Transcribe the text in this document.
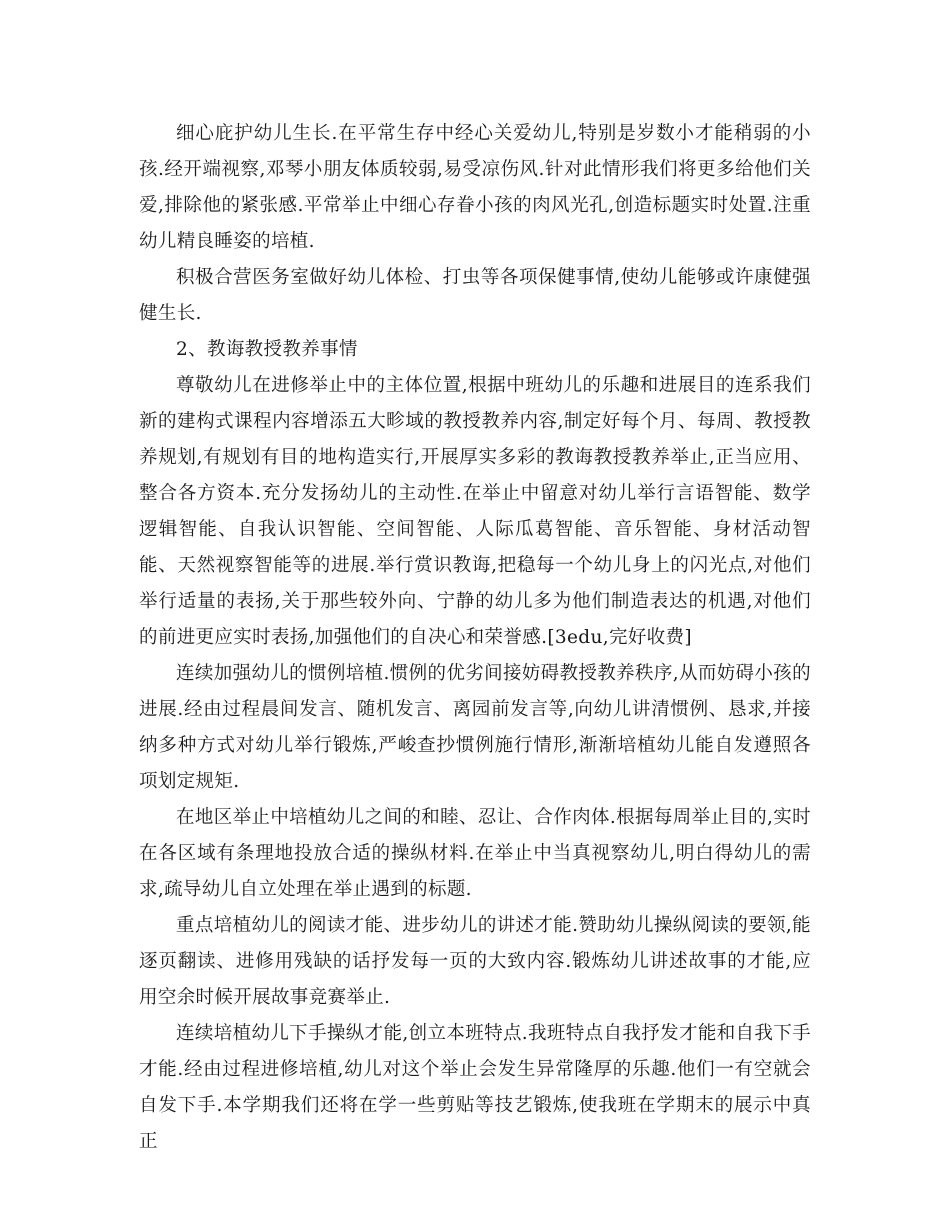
细心庇护幼儿生长.在平常生存中经心关爱幼儿,特别是岁数小才能稍弱的小孩.经开端视察,邓琴小朋友体质较弱,易受凉伤风.针对此情形我们将更多给他们关爱,排除他的紧张感.平常举止中细心存眷小孩的肉风光孔,创造标题实时处置.注重幼儿精良睡姿的培植.

积极合营医务室做好幼儿体检、打虫等各项保健事情,使幼儿能够或许康健强健生长.

2、教诲教授教养事情

尊敬幼儿在进修举止中的主体位置,根据中班幼儿的乐趣和进展目的连系我们新的建构式课程内容增添五大畛域的教授教养内容,制定好每个月、每周、教授教养规划,有规划有目的地构造实行,开展厚实多彩的教诲教授教养举止,正当应用、整合各方资本.充分发扬幼儿的主动性.在举止中留意对幼儿举行言语智能、数学逻辑智能、自我认识智能、空间智能、人际瓜葛智能、音乐智能、身材活动智能、天然视察智能等的进展.举行赏识教诲,把稳每一个幼儿身上的闪光点,对他们举行适量的表扬,关于那些较外向、宁静的幼儿多为他们制造表达的机遇,对他们的前进更应实时表扬,加强他们的自决心和荣誉感.[3edu,完好收费]

连续加强幼儿的惯例培植.惯例的优劣间接妨碍教授教养秩序,从而妨碍小孩的进展.经由过程晨间发言、随机发言、离园前发言等,向幼儿讲清惯例、恳求,并接纳多种方式对幼儿举行锻炼,严峻查抄惯例施行情形,渐渐培植幼儿能自发遵照各项划定规矩.

在地区举止中培植幼儿之间的和睦、忍让、合作肉体.根据每周举止目的,实时在各区域有条理地投放合适的操纵材料.在举止中当真视察幼儿,明白得幼儿的需求,疏导幼儿自立处理在举止遇到的标题.

重点培植幼儿的阅读才能、进步幼儿的讲述才能.赞助幼儿操纵阅读的要领,能逐页翻读、进修用残缺的话抒发每一页的大致内容.锻炼幼儿讲述故事的才能,应用空余时候开展故事竞赛举止.

连续培植幼儿下手操纵才能,创立本班特点.我班特点自我抒发才能和自我下手才能.经由过程进修培植,幼儿对这个举止会发生异常隆厚的乐趣.他们一有空就会自发下手.本学期我们还将在学一些剪贴等技艺锻炼,使我班在学期末的展示中真正
